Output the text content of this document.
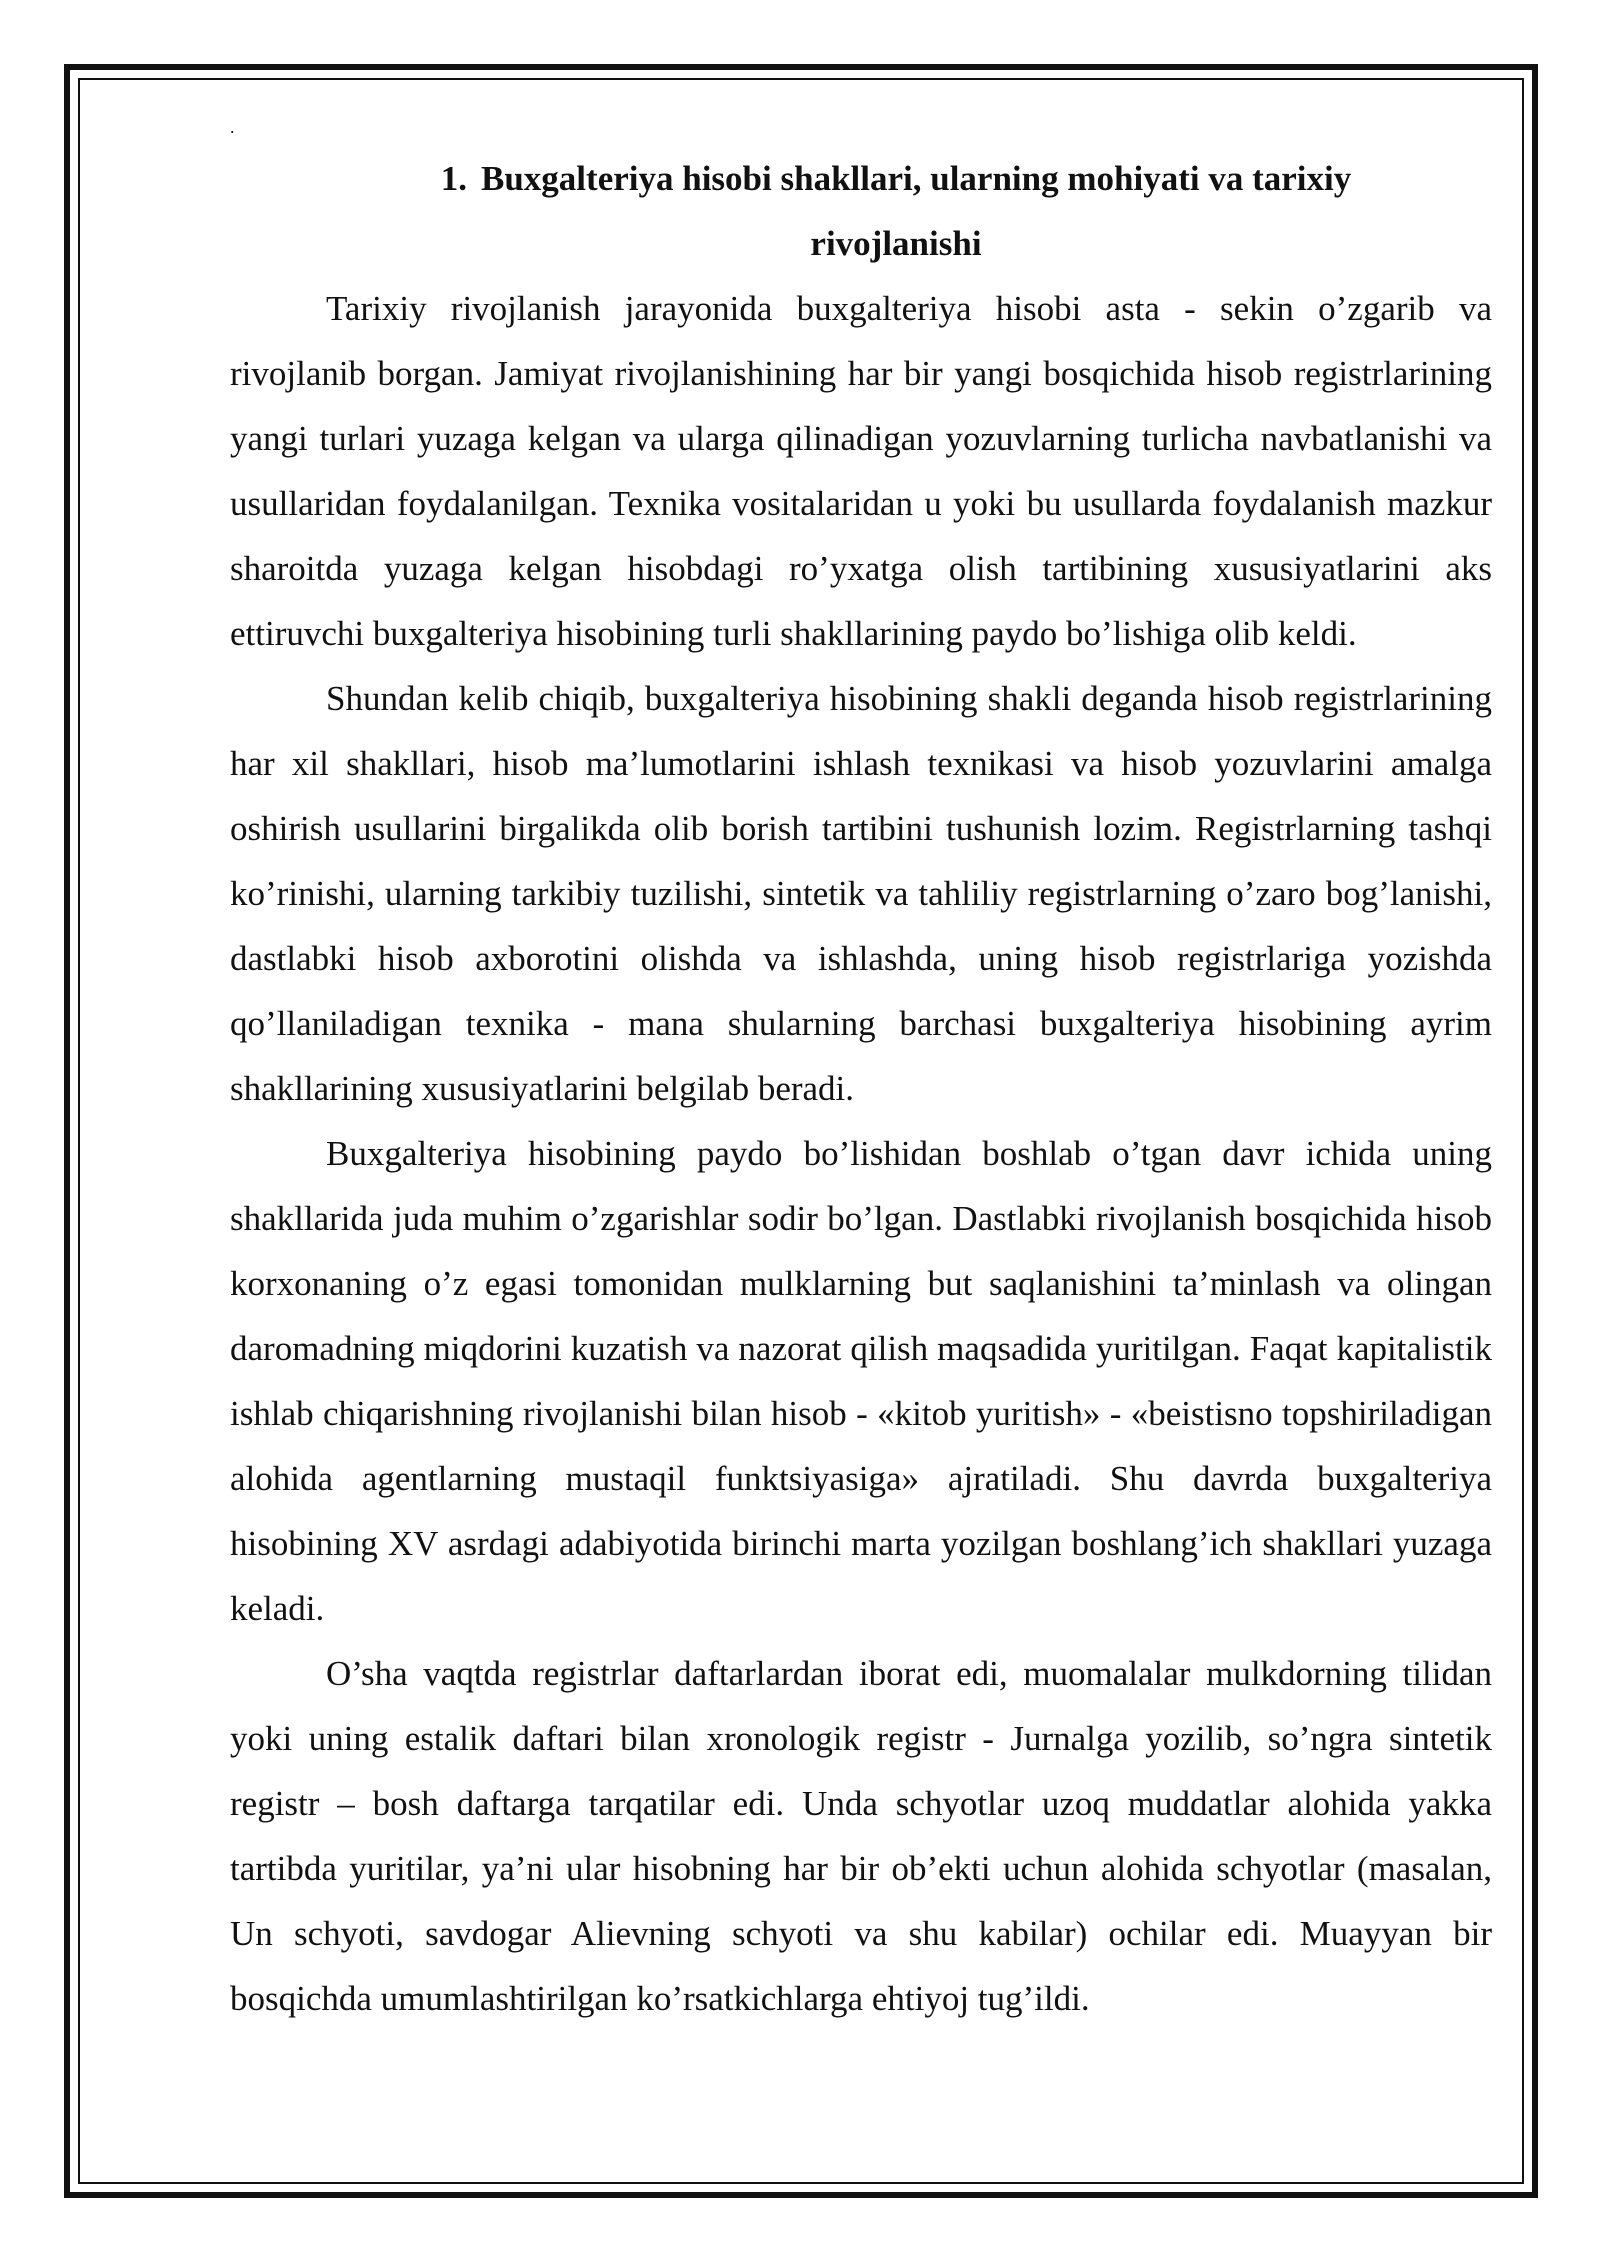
.
1. Buxgalteriya hisobi shakllari, ularning mohiyati va tarixiy rivojlanishi

Tarixiy rivojlanish jarayonida buxgalteriya hisobi asta - sekin o’zgarib va rivojlanib borgan. Jamiyat rivojlanishining har bir yangi bosqichida hisob registrlarining yangi turlari yuzaga kelgan va ularga qilinadigan yozuvlarning turlicha navbatlanishi va usullaridan foydalanilgan. Texnika vositalaridan u yoki bu usullarda foydalanish mazkur sharoitda yuzaga kelgan hisobdagi ro’yxatga olish tartibining xususiyatlarini aks ettiruvchi buxgalteriya hisobining turli shakllarining paydo bo’lishiga olib keldi.

Shundan kelib chiqib, buxgalteriya hisobining shakli deganda hisob registrlarining har xil shakllari, hisob ma’lumotlarini ishlash texnikasi va hisob yozuvlarini amalga oshirish usullarini birgalikda olib borish tartibini tushunish lozim. Registrlarning tashqi ko’rinishi, ularning tarkibiy tuzilishi, sintetik va tahliliy registrlarning o’zaro bog’lanishi, dastlabki hisob axborotini olishda va ishlashda, uning hisob registrlariga yozishda qo’llaniladigan texnika - mana shularning barchasi buxgalteriya hisobining ayrim shakllarining xususiyatlarini belgilab beradi.

Buxgalteriya hisobining paydo bo’lishidan boshlab o’tgan davr ichida uning shakllarida juda muhim o’zgarishlar sodir bo’lgan. Dastlabki rivojlanish bosqichida hisob korxonaning o’z egasi tomonidan mulklarning but saqlanishini ta’minlash va olingan daromadning miqdorini kuzatish va nazorat qilish maqsadida yuritilgan. Faqat kapitalistik ishlab chiqarishning rivojlanishi bilan hisob - «kitob yuritish» - «beistisno topshiriladigan alohida agentlarning mustaqil funktsiyasiga» ajratiladi. Shu davrda buxgalteriya hisobining XV asrdagi adabiyotida birinchi marta yozilgan boshlang’ich shakllari yuzaga keladi.

O’sha vaqtda registrlar daftarlardan iborat edi, muomalalar mulkdorning tilidan yoki uning estalik daftari bilan xronologik registr - Jurnalga yozilib, so’ngra sintetik registr – bosh daftarga tarqatilar edi. Unda schyotlar uzoq muddatlar alohida yakka tartibda yuritilar, ya’ni ular hisobning har bir ob’ekti uchun alohida schyotlar (masalan, Un schyoti, savdogar Alievning schyoti va shu kabilar) ochilar edi. Muayyan bir bosqichda umumlashtirilgan ko’rsatkichlarga ehtiyoj tug’ildi.
